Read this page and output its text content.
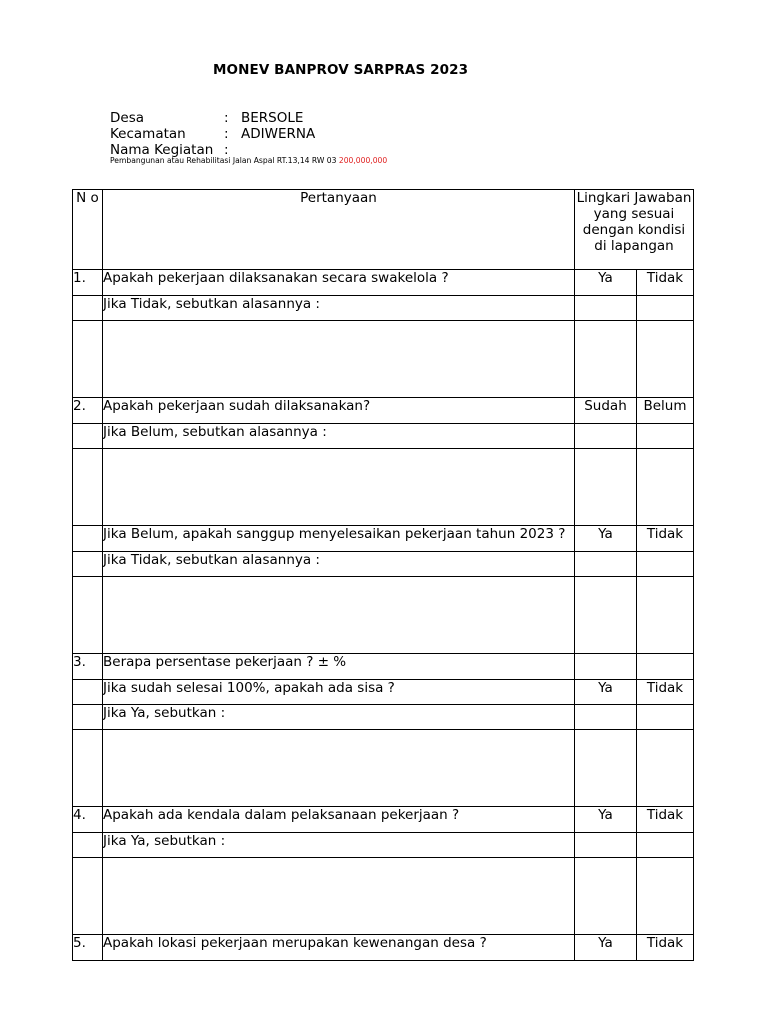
MONEV BANPROV SARPRAS 2023
Desa	: BERSOLE
Kecamatan	: ADIWERNA
Nama Kegiatan :
Pembangunan atau Rehabilitasi Jalan Aspal RT.13,14 RW 03 200,000,000
N o	Pertanyaan	Lingkari Jawaban yang sesuai dengan kondisi di lapangan	
1.	Apakah pekerjaan dilaksanakan secara swakelola ?	Ya	Tidak
	Jika Tidak, sebutkan alasannya :		

2.	Apakah pekerjaan sudah dilaksanakan?	Sudah	Belum
	Jika Belum, sebutkan alasannya :		

	Jika Belum, apakah sanggup menyelesaikan pekerjaan tahun 2023 ?	Ya	Tidak
	Jika Tidak, sebutkan alasannya :		

3.	Berapa persentase pekerjaan ? ± %		
	Jika sudah selesai 100%, apakah ada sisa ?	Ya	Tidak
	Jika Ya, sebutkan :		

4.	Apakah ada kendala dalam pelaksanaan pekerjaan ?	Ya	Tidak
	Jika Ya, sebutkan :		

5.	Apakah lokasi pekerjaan merupakan kewenangan desa ?	Ya	Tidak
